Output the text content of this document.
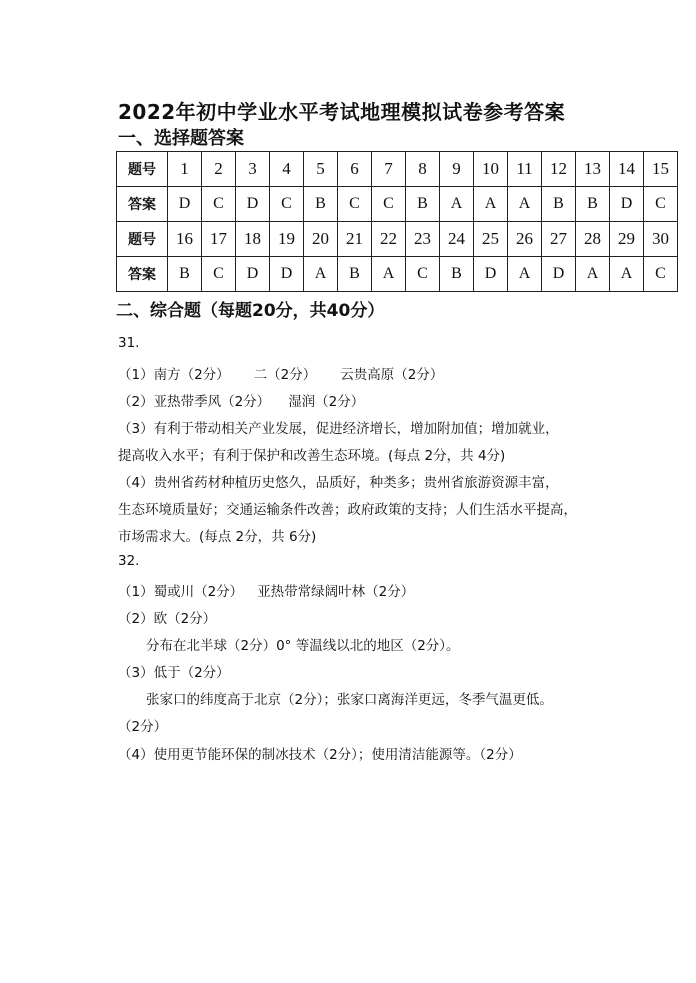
2022年初中学业水平考试地理模拟试卷参考答案
一、选择题答案
题号	1	2	3	4	5	6	7	8	9	10	11	12	13	14	15
答案	D	C	D	C	B	C	C	B	A	A	A	B	B	D	C
题号	16	17	18	19	20	21	22	23	24	25	26	27	28	29	30
答案	B	C	D	D	A	B	A	C	B	D	A	D	A	A	C
二、综合题（每题20分，共40分）
31.
（1）南方（2分） 二（2分） 云贵高原（2分）
（2）亚热带季风（2分） 湿润（2分）
（3）有利于带动相关产业发展，促进经济增长，增加附加值；增加就业，
提高收入水平；有利于保护和改善生态环境。(每点 2分，共 4分)
（4）贵州省药材种植历史悠久，品质好，种类多；贵州省旅游资源丰富，
生态环境质量好；交通运输条件改善；政府政策的支持；人们生活水平提高，
市场需求大。(每点 2分，共 6分)
32.
（1）蜀或川（2分） 亚热带常绿阔叶林（2分）
（2）欧（2分）
分布在北半球（2分）0° 等温线以北的地区（2分）。
（3）低于（2分）
张家口的纬度高于北京（2分）；张家口离海洋更远，冬季气温更低。
（2分）
（4）使用更节能环保的制冰技术（2分）；使用清洁能源等。（2分）
